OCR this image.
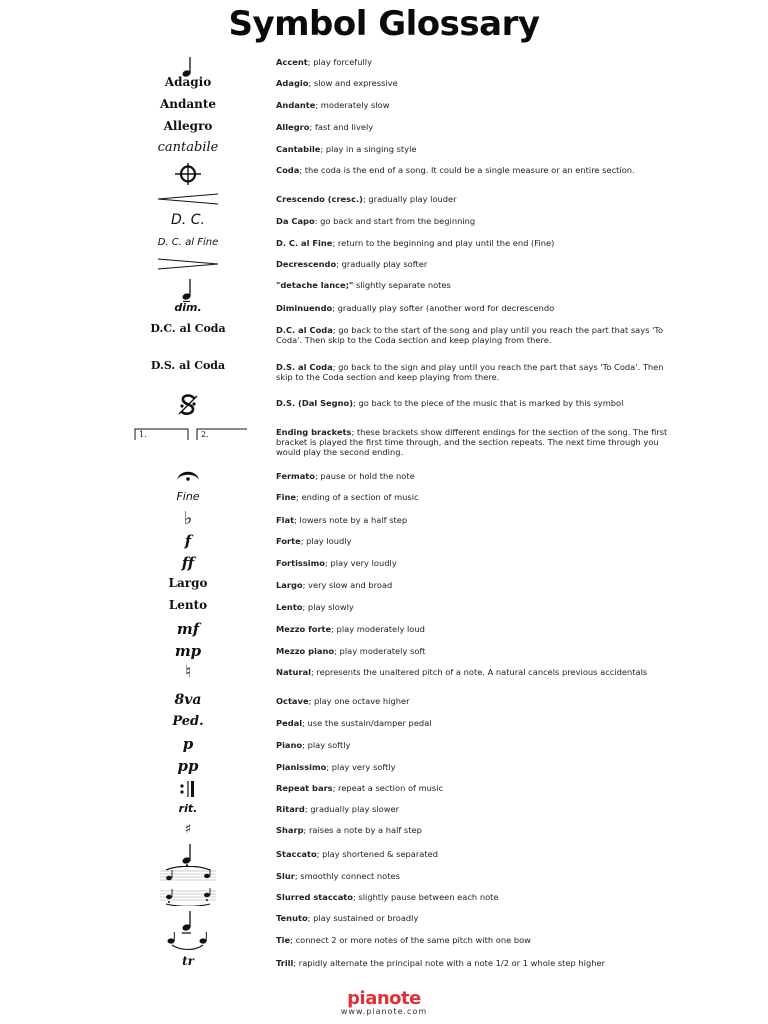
Symbol Glossary
Accent; play forcefully
Adagio	Adagio; slow and expressive
Andante	Andante; moderately slow
Allegro	Allegro; fast and lively
cantabile	Cantabile; play in a singing style
Coda; the coda is the end of a song. It could be a single measure or an entire section.
Crescendo (cresc.); gradually play louder
D. C.	Da Capo: go back and start from the beginning
D. C. al Fine	D. C. al Fine; return to the beginning and play until the end (Fine)
Decrescendo; gradually play softer
"detache lance;" slightly separate notes
dim.	Diminuendo; gradually play softer (another word for decrescendo
D.C. al Coda	D.C. al Coda; go back to the start of the song and play until you reach the part that says 'To Coda'. Then skip to the Coda section and keep playing from there.
D.S. al Coda	D.S. al Coda; go back to the sign and play until you reach the part that says 'To Coda'. Then skip to the Coda section and keep playing from there.
D.S. (Dal Segno); go back to the piece of the music that is marked by this symbol
1.	2.	Ending brackets; these brackets show different endings for the section of the song. The first bracket is played the first time through, and the section repeats. The next time through you would play the second ending.
Fermato; pause or hold the note
Fine	Fine; ending of a section of music
♭	Flat; lowers note by a half step
f	Forte; play loudly
ff	Fortissimo; play very loudly
Largo	Largo; very slow and broad
Lento	Lento; play slowly
mf	Mezzo forte; play moderately loud
mp	Mezzo piano; play moderately soft
♮	Natural; represents the unaltered pitch of a note. A natural cancels previous accidentals
8va	Octave; play one octave higher
Ped.	Pedal; use the sustain/damper pedal
p	Piano; play softly
pp	Pianissimo; play very softly
Repeat bars; repeat a section of music
rit.	Ritard; gradually play slower
♯	Sharp; raises a note by a half step
Staccato; play shortened & separated
Slur; smoothly connect notes
Slurred staccato; slightly pause between each note
Tenuto; play sustained or broadly
Tie; connect 2 or more notes of the same pitch with one bow
tr	Trill; rapidly alternate the principal note with a note 1/2 or 1 whole step higher
pianote
www.pianote.com
